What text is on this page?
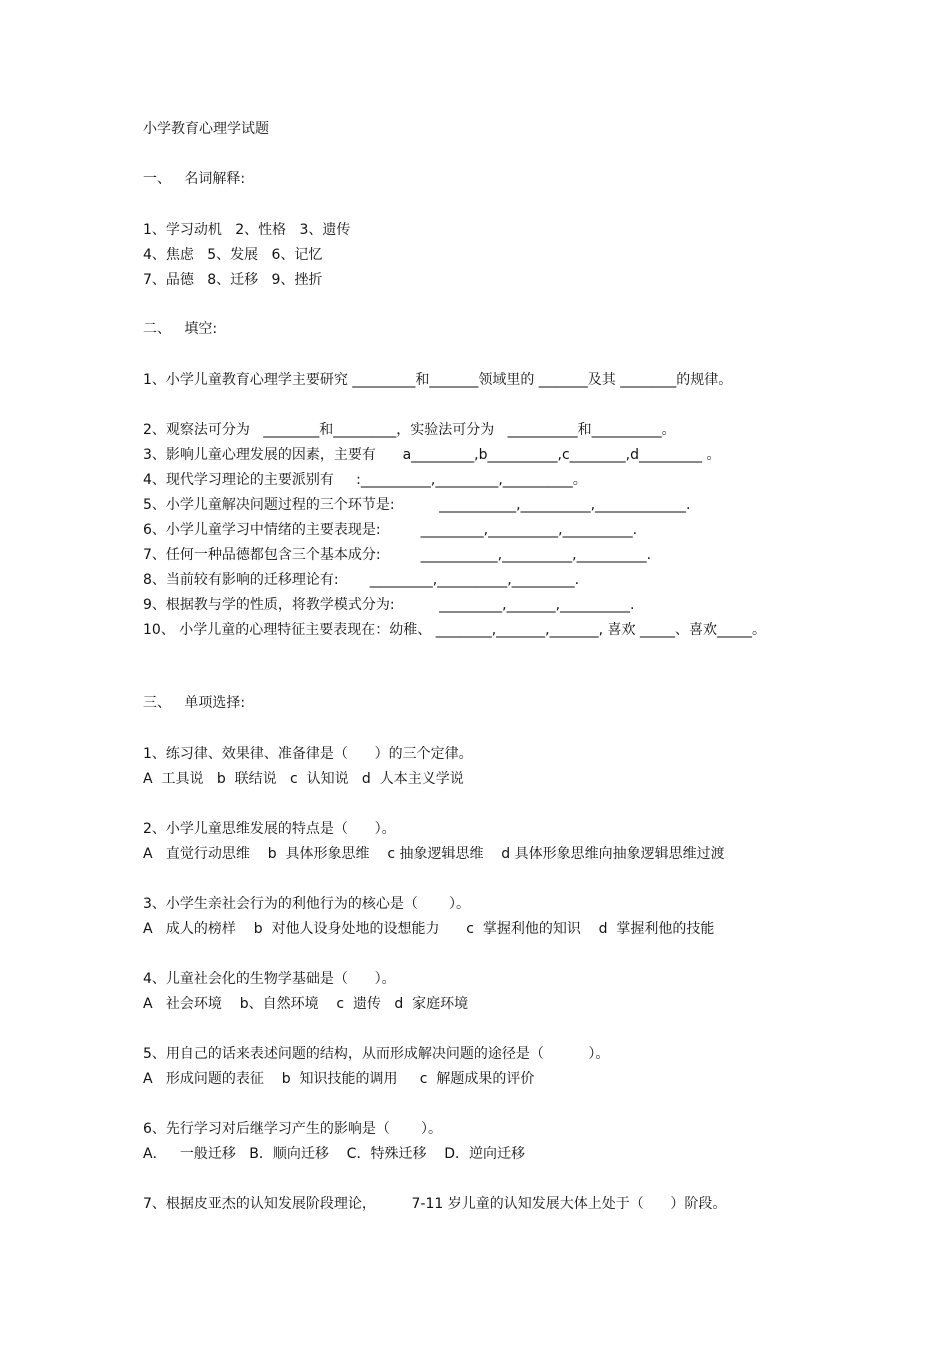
小学教育心理学试题
一、   名词解释:
1、学习动机   2、性格   3、遗传
4、焦虑   5、发展   6、记忆
7、品德   8、迁移   9、挫折
二、   填空:
1、小学儿童教育心理学主要研究 _________和_______领域里的 _______及其 ________的规律。
2、观察法可分为   ________和_________，实验法可分为   __________和__________。
3、影响儿童心理发展的因素，主要有      a_________,b__________,c________,d_________ 。
4、现代学习理论的主要派别有     :__________,_________,__________。
5、小学儿童解决问题过程的三个环节是:          ___________,__________,_____________.
6、小学儿童学习中情绪的主要表现是:         _________,__________,__________.
7、任何一种品德都包含三个基本成分:         ___________,__________,__________.
8、当前较有影响的迁移理论有:       _________,__________,_________.
9、根据教与学的性质，将教学模式分为:          _________,_______,__________.
10、 小学儿童的心理特征主要表现在：幼稚、 ________,_______,_______, 喜欢 _____、喜欢_____。
三、   单项选择:
1、练习律、效果律、准备律是（      ）的三个定律。
A  工具说   b  联结说   c  认知说   d  人本主义学说
2、小学儿童思维发展的特点是（      ）。
A   直觉行动思维    b  具体形象思维    c 抽象逻辑思维    d 具体形象思维向抽象逻辑思维过渡
3、小学生亲社会行为的利他行为的核心是（       ）。
A   成人的榜样    b  对他人设身处地的设想能力      c  掌握利他的知识    d  掌握利他的技能
4、儿童社会化的生物学基础是（      ）。
A   社会环境    b、自然环境    c  遗传   d  家庭环境
5、用自己的话来表述问题的结构，从而形成解决问题的途径是（          ）。
A   形成问题的表征    b  知识技能的调用     c  解题成果的评价
6、先行学习对后继学习产生的影响是（       ）。
A．   一般迁移   B．顺向迁移    C．特殊迁移    D．逆向迁移
7、根据皮亚杰的认知发展阶段理论，        7-11 岁儿童的认知发展大体上处于（      ）阶段。
